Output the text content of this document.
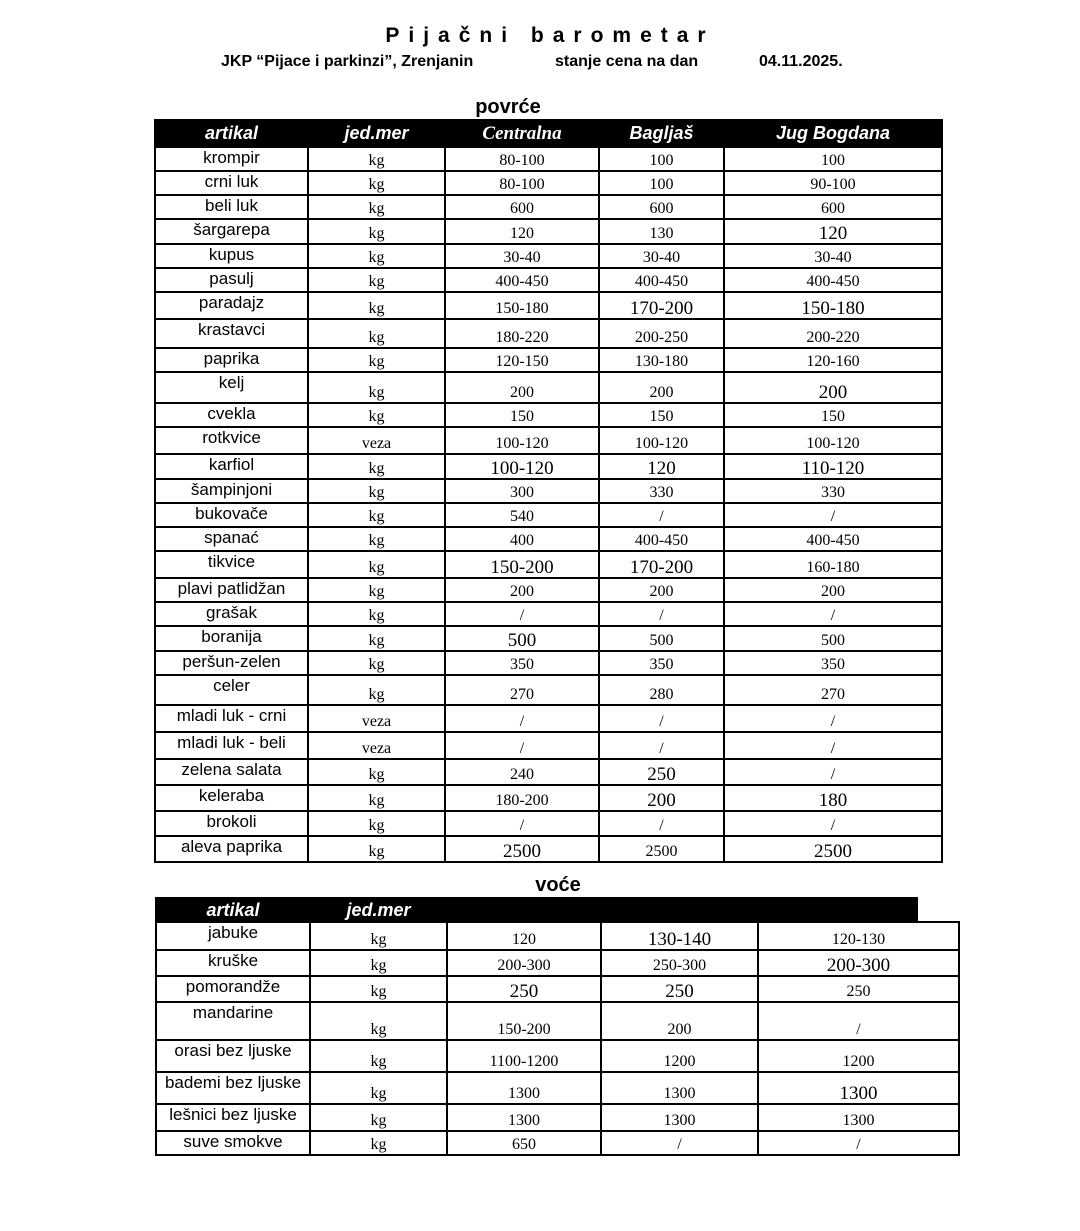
Pijačni barometar
JKP “Pijace i parkinzi”, Zrenjanin	stanje cena na dan	04.11.2025.
povrće
artikal	jed.mer	Centralna	Bagljaš	Jug Bogdana
krompir	kg	80-100	100	100
crni luk	kg	80-100	100	90-100
beli luk	kg	600	600	600
šargarepa	kg	120	130	120
kupus	kg	30-40	30-40	30-40
pasulj	kg	400-450	400-450	400-450
paradajz	kg	150-180	170-200	150-180
krastavci	kg	180-220	200-250	200-220
paprika	kg	120-150	130-180	120-160
kelj	kg	200	200	200
cvekla	kg	150	150	150
rotkvice	veza	100-120	100-120	100-120
karfiol	kg	100-120	120	110-120
šampinjoni	kg	300	330	330
bukovače	kg	540	/	/
spanać	kg	400	400-450	400-450
tikvice	kg	150-200	170-200	160-180
plavi patlidžan	kg	200	200	200
grašak	kg	/	/	/
boranija	kg	500	500	500
peršun-zelen	kg	350	350	350
celer	kg	270	280	270
mladi luk - crni	veza	/	/	/
mladi luk - beli	veza	/	/	/
zelena salata	kg	240	250	/
keleraba	kg	180-200	200	180
brokoli	kg	/	/	/
aleva paprika	kg	2500	2500	2500
voće
artikal	jed.mer				
jabuke	kg	120	130-140	120-130	
kruške	kg	200-300	250-300	200-300	
pomorandže	kg	250	250	250	
mandarine	kg	150-200	200	/	
orasi bez ljuske	kg	1100-1200	1200	1200	
bademi bez ljuske	kg	1300	1300	1300	
lešnici bez ljuske	kg	1300	1300	1300	
suve smokve	kg	650	/	/	
